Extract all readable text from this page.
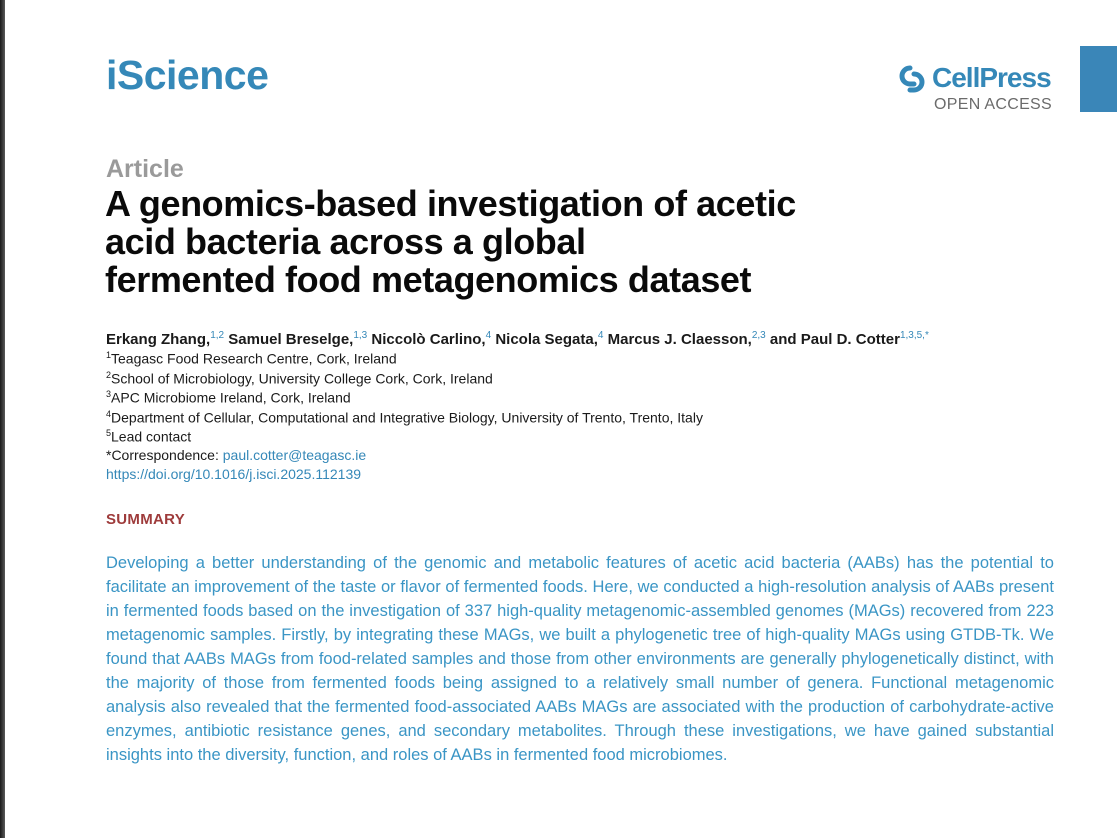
iScience	CellPress
OPEN ACCESS
Article
A genomics-based investigation of acetic
acid bacteria across a global
fermented food metagenomics dataset
Erkang Zhang,$^{1,2}$ Samuel Breselge,$^{1,3}$ Niccolò Carlino,$^4$ Nicola Segata,$^4$ Marcus J. Claesson,$^{2,3}$ and Paul D. Cotter$^{1,3,5,*}$
$^1$Teagasc Food Research Centre, Cork, Ireland
$^2$School of Microbiology, University College Cork, Cork, Ireland
$^3$APC Microbiome Ireland, Cork, Ireland
$^4$Department of Cellular, Computational and Integrative Biology, University of Trento, Trento, Italy
$^5$Lead contact
*Correspondence: paul.cotter@teagasc.ie
https://doi.org/10.1016/j.isci.2025.112139
SUMMARY
Developing a better understanding of the genomic and metabolic features of acetic acid bacteria (AABs) has the potential to facilitate an improvement of the taste or flavor of fermented foods. Here, we conducted a high-resolution analysis of AABs present in fermented foods based on the investigation of 337 high-quality metagenomic-assembled genomes (MAGs) recovered from 223 metagenomic samples. Firstly, by integrating these MAGs, we built a phylogenetic tree of high-quality MAGs using GTDB-Tk. We found that AABs MAGs from food-related samples and those from other environments are generally phylogenetically distinct, with the majority of those from fermented foods being assigned to a relatively small number of genera. Functional metagenomic analysis also revealed that the fermented food-associated AABs MAGs are associated with the production of carbohydrate-active enzymes, antibiotic resistance genes, and secondary metabolites. Through these investigations, we have gained substantial insights into the diversity, function, and roles of AABs in fermented food microbiomes.
